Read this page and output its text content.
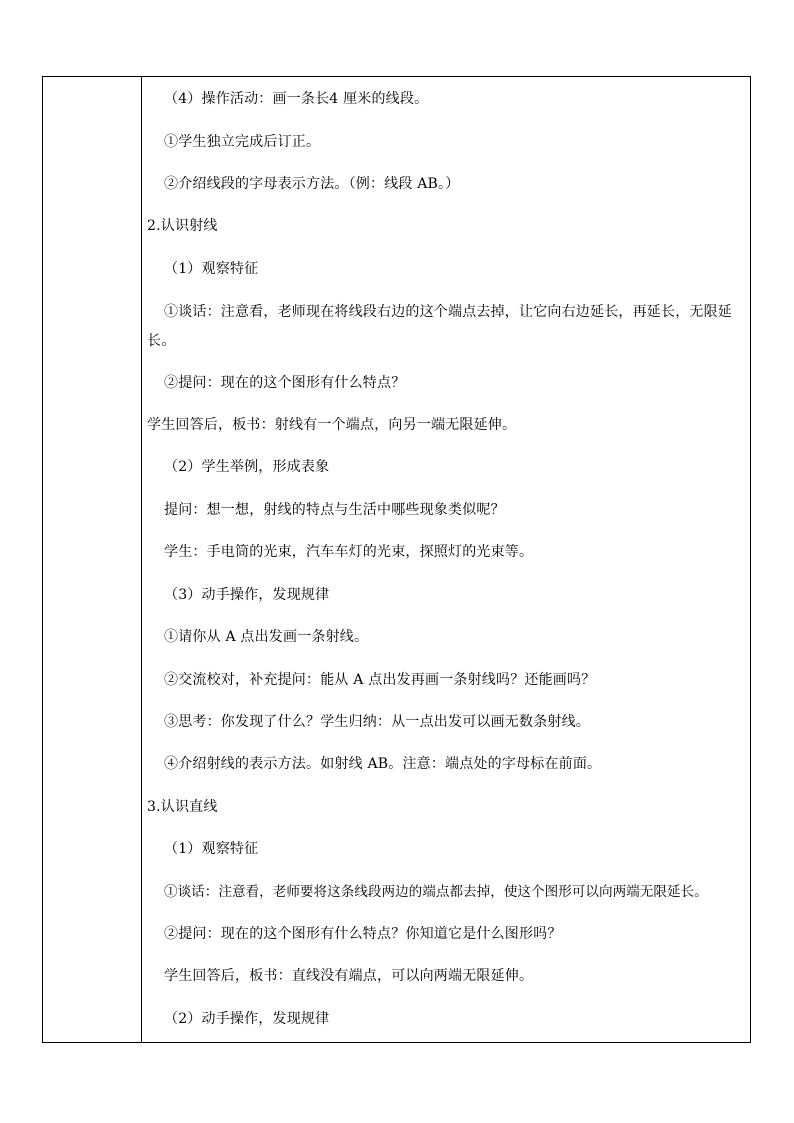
（4）操作活动：画一条长4 厘米的线段。
①学生独立完成后订正。
②介绍线段的字母表示方法。（例：线段 AB。）
2.认识射线
（1）观察特征
①谈话：注意看，老师现在将线段右边的这个端点去掉，让它向右边延长，再延长，无限延长。
②提问：现在的这个图形有什么特点？
学生回答后，板书：射线有一个端点，向另一端无限延伸。
（2）学生举例，形成表象
提问：想一想，射线的特点与生活中哪些现象类似呢？
学生：手电筒的光束，汽车车灯的光束，探照灯的光束等。
（3）动手操作，发现规律
①请你从 A 点出发画一条射线。
②交流校对，补充提问：能从 A 点出发再画一条射线吗？还能画吗？
③思考：你发现了什么？学生归纳：从一点出发可以画无数条射线。
④介绍射线的表示方法。如射线 AB。注意：端点处的字母标在前面。
3.认识直线
（1）观察特征
①谈话：注意看，老师要将这条线段两边的端点都去掉，使这个图形可以向两端无限延长。
②提问：现在的这个图形有什么特点？你知道它是什么图形吗？
学生回答后，板书：直线没有端点，可以向两端无限延伸。
（2）动手操作，发现规律
